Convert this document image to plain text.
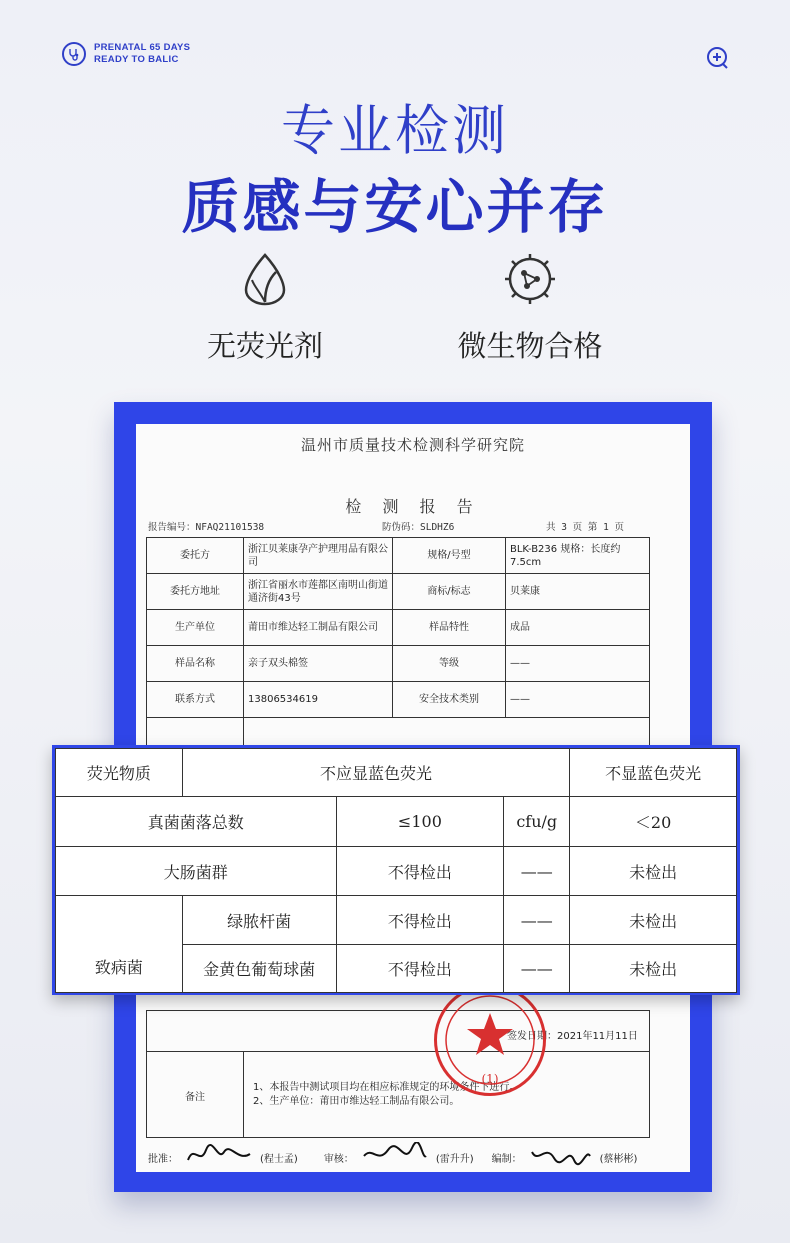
PRENATAL 65 DAYS
READY TO BALIC
专业检测
质感与安心并存
无荧光剂	微生物合格
温州市质量技术检测科学研究院
检 测 报 告
报告编号：NFAQ21101538	防伪码：SLDHZ6	共 3 页 第 1 页
委托方	浙江贝莱康孕产护理用品有限公司	规格/号型	BLK-B236 规格：长度约7.5cm
委托方地址	浙江省丽水市莲都区南明山街道通济街43号	商标/标志	贝莱康
生产单位	莆田市维达轻工制品有限公司	样品特性	成品
样品名称	亲子双头棉签	等级	——
联系方式	13806534619	安全技术类别	——

签发日期：2021年11月11日
备注
1、本报告中测试项目均在相应标准规定的环境条件下进行。
2、生产单位：莆田市维达轻工制品有限公司。
(1)
批准：	(程士孟)	审核：	(雷升升) 编制：	(蔡彬彬)
荧光物质	不应显蓝色荧光			不显蓝色荧光
真菌菌落总数		≤100	cfu/g	＜20
大肠菌群		不得检出	——	未检出
致病菌	绿脓杆菌	不得检出	——	未检出
	金黄色葡萄球菌	不得检出	——	未检出
